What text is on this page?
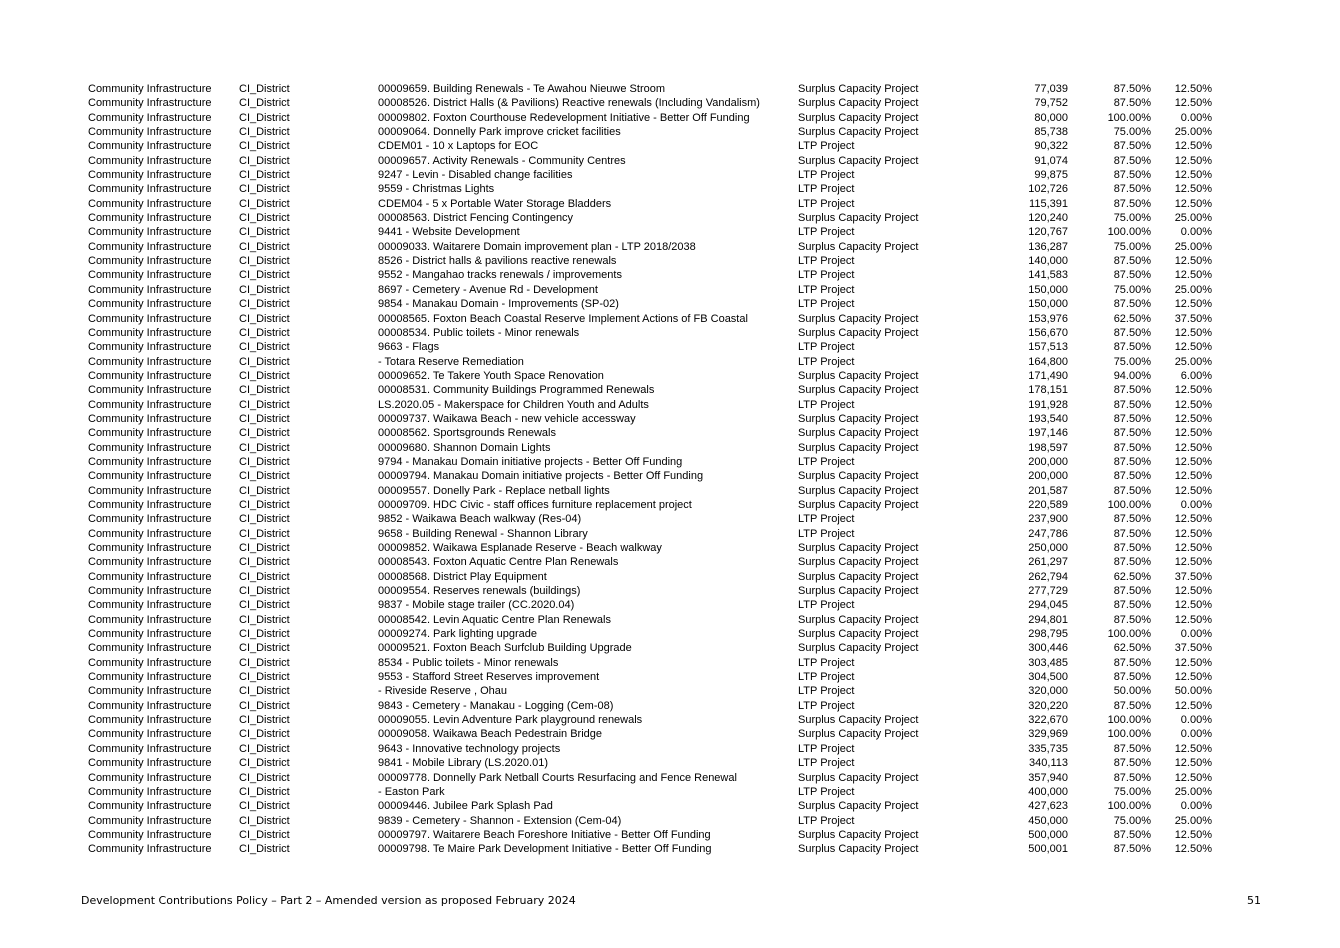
Community Infrastructure	CI_District	00009659. Building Renewals - Te Awahou Nieuwe Stroom	Surplus Capacity Project	77,039	87.50%	12.50%
Community Infrastructure	CI_District	00008526. District Halls (& Pavilions) Reactive renewals (Including Vandalism)	Surplus Capacity Project	79,752	87.50%	12.50%
Community Infrastructure	CI_District	00009802. Foxton Courthouse Redevelopment Initiative - Better Off Funding	Surplus Capacity Project	80,000	100.00%	0.00%
Community Infrastructure	CI_District	00009064. Donnelly Park improve cricket facilities	Surplus Capacity Project	85,738	75.00%	25.00%
Community Infrastructure	CI_District	CDEM01 - 10 x Laptops for EOC	LTP Project	90,322	87.50%	12.50%
Community Infrastructure	CI_District	00009657. Activity Renewals - Community Centres	Surplus Capacity Project	91,074	87.50%	12.50%
Community Infrastructure	CI_District	9247 - Levin - Disabled change facilities	LTP Project	99,875	87.50%	12.50%
Community Infrastructure	CI_District	9559 - Christmas Lights	LTP Project	102,726	87.50%	12.50%
Community Infrastructure	CI_District	CDEM04 - 5 x Portable Water Storage Bladders	LTP Project	115,391	87.50%	12.50%
Community Infrastructure	CI_District	00008563. District Fencing Contingency	Surplus Capacity Project	120,240	75.00%	25.00%
Community Infrastructure	CI_District	9441 - Website Development	LTP Project	120,767	100.00%	0.00%
Community Infrastructure	CI_District	00009033. Waitarere Domain improvement plan - LTP 2018/2038	Surplus Capacity Project	136,287	75.00%	25.00%
Community Infrastructure	CI_District	8526 - District halls & pavilions reactive renewals	LTP Project	140,000	87.50%	12.50%
Community Infrastructure	CI_District	9552 - Mangahao tracks renewals / improvements	LTP Project	141,583	87.50%	12.50%
Community Infrastructure	CI_District	8697 - Cemetery - Avenue Rd - Development	LTP Project	150,000	75.00%	25.00%
Community Infrastructure	CI_District	9854 - Manakau Domain - Improvements (SP-02)	LTP Project	150,000	87.50%	12.50%
Community Infrastructure	CI_District	00008565. Foxton Beach Coastal Reserve Implement Actions of FB Coastal	Surplus Capacity Project	153,976	62.50%	37.50%
Community Infrastructure	CI_District	00008534. Public toilets - Minor renewals	Surplus Capacity Project	156,670	87.50%	12.50%
Community Infrastructure	CI_District	9663 - Flags	LTP Project	157,513	87.50%	12.50%
Community Infrastructure	CI_District	- Totara Reserve Remediation	LTP Project	164,800	75.00%	25.00%
Community Infrastructure	CI_District	00009652. Te Takere Youth Space Renovation	Surplus Capacity Project	171,490	94.00%	6.00%
Community Infrastructure	CI_District	00008531. Community Buildings Programmed Renewals	Surplus Capacity Project	178,151	87.50%	12.50%
Community Infrastructure	CI_District	LS.2020.05 - Makerspace for Children Youth and Adults	LTP Project	191,928	87.50%	12.50%
Community Infrastructure	CI_District	00009737. Waikawa Beach - new vehicle accessway	Surplus Capacity Project	193,540	87.50%	12.50%
Community Infrastructure	CI_District	00008562. Sportsgrounds Renewals	Surplus Capacity Project	197,146	87.50%	12.50%
Community Infrastructure	CI_District	00009680. Shannon Domain Lights	Surplus Capacity Project	198,597	87.50%	12.50%
Community Infrastructure	CI_District	9794 - Manakau Domain initiative projects - Better Off Funding	LTP Project	200,000	87.50%	12.50%
Community Infrastructure	CI_District	00009794. Manakau Domain initiative projects - Better Off Funding	Surplus Capacity Project	200,000	87.50%	12.50%
Community Infrastructure	CI_District	00009557. Donelly Park - Replace netball lights	Surplus Capacity Project	201,587	87.50%	12.50%
Community Infrastructure	CI_District	00009709. HDC Civic - staff offices furniture replacement project	Surplus Capacity Project	220,589	100.00%	0.00%
Community Infrastructure	CI_District	9852 - Waikawa Beach walkway (Res-04)	LTP Project	237,900	87.50%	12.50%
Community Infrastructure	CI_District	9658 - Building Renewal - Shannon Library	LTP Project	247,786	87.50%	12.50%
Community Infrastructure	CI_District	00009852. Waikawa Esplanade Reserve - Beach walkway	Surplus Capacity Project	250,000	87.50%	12.50%
Community Infrastructure	CI_District	00008543. Foxton Aquatic Centre Plan Renewals	Surplus Capacity Project	261,297	87.50%	12.50%
Community Infrastructure	CI_District	00008568. District Play Equipment	Surplus Capacity Project	262,794	62.50%	37.50%
Community Infrastructure	CI_District	00009554. Reserves renewals (buildings)	Surplus Capacity Project	277,729	87.50%	12.50%
Community Infrastructure	CI_District	9837 - Mobile stage trailer (CC.2020.04)	LTP Project	294,045	87.50%	12.50%
Community Infrastructure	CI_District	00008542. Levin Aquatic Centre Plan Renewals	Surplus Capacity Project	294,801	87.50%	12.50%
Community Infrastructure	CI_District	00009274. Park lighting upgrade	Surplus Capacity Project	298,795	100.00%	0.00%
Community Infrastructure	CI_District	00009521. Foxton Beach Surfclub Building Upgrade	Surplus Capacity Project	300,446	62.50%	37.50%
Community Infrastructure	CI_District	8534 - Public toilets - Minor renewals	LTP Project	303,485	87.50%	12.50%
Community Infrastructure	CI_District	9553 - Stafford Street Reserves improvement	LTP Project	304,500	87.50%	12.50%
Community Infrastructure	CI_District	- Riveside Reserve , Ohau	LTP Project	320,000	50.00%	50.00%
Community Infrastructure	CI_District	9843 - Cemetery - Manakau - Logging (Cem-08)	LTP Project	320,220	87.50%	12.50%
Community Infrastructure	CI_District	00009055. Levin Adventure Park playground renewals	Surplus Capacity Project	322,670	100.00%	0.00%
Community Infrastructure	CI_District	00009058. Waikawa Beach Pedestrain Bridge	Surplus Capacity Project	329,969	100.00%	0.00%
Community Infrastructure	CI_District	9643 - Innovative technology projects	LTP Project	335,735	87.50%	12.50%
Community Infrastructure	CI_District	9841 - Mobile Library (LS.2020.01)	LTP Project	340,113	87.50%	12.50%
Community Infrastructure	CI_District	00009778. Donnelly Park Netball Courts Resurfacing and Fence Renewal	Surplus Capacity Project	357,940	87.50%	12.50%
Community Infrastructure	CI_District	- Easton Park	LTP Project	400,000	75.00%	25.00%
Community Infrastructure	CI_District	00009446. Jubilee Park Splash Pad	Surplus Capacity Project	427,623	100.00%	0.00%
Community Infrastructure	CI_District	9839 - Cemetery - Shannon - Extension (Cem-04)	LTP Project	450,000	75.00%	25.00%
Community Infrastructure	CI_District	00009797. Waitarere Beach Foreshore Initiative - Better Off Funding	Surplus Capacity Project	500,000	87.50%	12.50%
Community Infrastructure	CI_District	00009798. Te Maire Park Development Initiative - Better Off Funding	Surplus Capacity Project	500,001	87.50%	12.50%
Development Contributions Policy – Part 2 – Amended version as proposed February 2024	51
